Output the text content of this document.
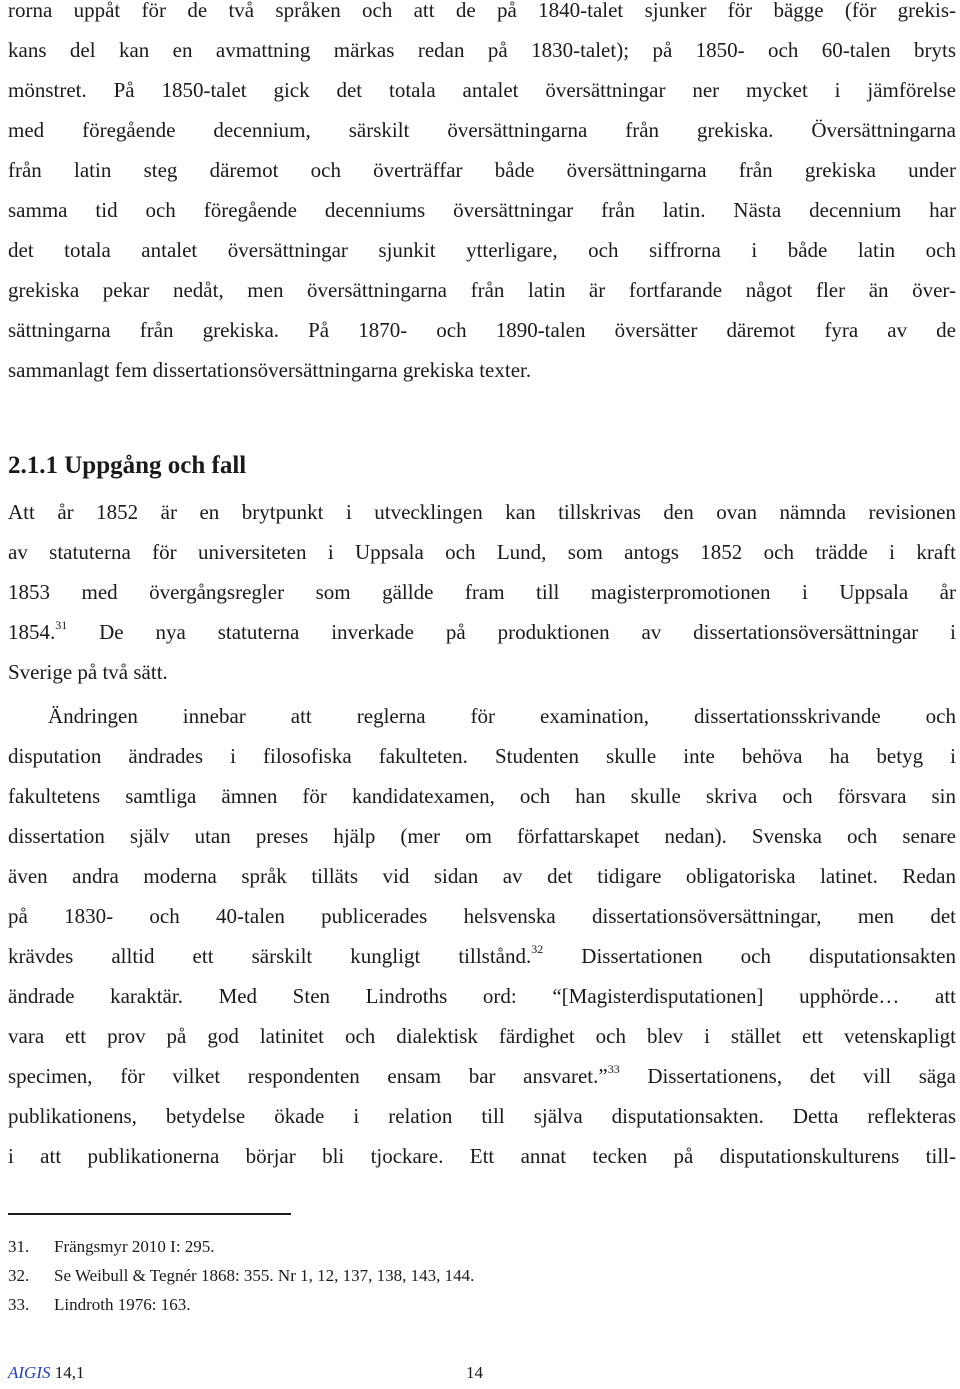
rorna uppåt för de två språken och att de på 1840-talet sjunker för bägge (för grekis-
kans del kan en avmattning märkas redan på 1830-talet); på 1850- och 60-talen bryts
mönstret. På 1850-talet gick det totala antalet översättningar ner mycket i jämförelse
med föregående decennium, särskilt översättningarna från grekiska. Översättningarna
från latin steg däremot och överträffar både översättningarna från grekiska under
samma tid och föregående decenniums översättningar från latin. Nästa decennium har
det totala antalet översättningar sjunkit ytterligare, och siffrorna i både latin och
grekiska pekar nedåt, men översättningarna från latin är fortfarande något fler än över-
sättningarna från grekiska. På 1870- och 1890-talen översätter däremot fyra av de
sammanlagt fem dissertationsöversättningarna grekiska texter.
2.1.1 Uppgång och fall
Att år 1852 är en brytpunkt i utvecklingen kan tillskrivas den ovan nämnda revisionen
av statuterna för universiteten i Uppsala och Lund, som antogs 1852 och trädde i kraft
1853 med övergångsregler som gällde fram till magisterpromotionen i Uppsala år
1854.31 De nya statuterna inverkade på produktionen av dissertationsöversättningar i
Sverige på två sätt.
Ändringen innebar att reglerna för examination, dissertationsskrivande och
disputation ändrades i filosofiska fakulteten. Studenten skulle inte behöva ha betyg i
fakultetens samtliga ämnen för kandidatexamen, och han skulle skriva och försvara sin
dissertation själv utan preses hjälp (mer om författarskapet nedan). Svenska och senare
även andra moderna språk tilläts vid sidan av det tidigare obligatoriska latinet. Redan
på 1830- och 40-talen publicerades helsvenska dissertationsöversättningar, men det
krävdes alltid ett särskilt kungligt tillstånd.$^{32}$ Dissertationen och disputationsakten
ändrade karaktär. Med Sten Lindroths ord: “[Magisterdisputationen] upphörde… att
vara ett prov på god latinitet och dialektisk färdighet och blev i stället ett vetenskapligt
specimen, för vilket respondenten ensam bar ansvaret.”$^{33}$ Dissertationens, det vill säga
publikationens, betydelse ökade i relation till själva disputationsakten. Detta reflekteras
i att publikationerna börjar bli tjockare. Ett annat tecken på disputationskulturens till-
31. Frängsmyr 2010 I: 295.
32. Se Weibull & Tegnér 1868: 355. Nr 1, 12, 137, 138, 143, 144.
33. Lindroth 1976: 163.
AIGIS 14,1	14
